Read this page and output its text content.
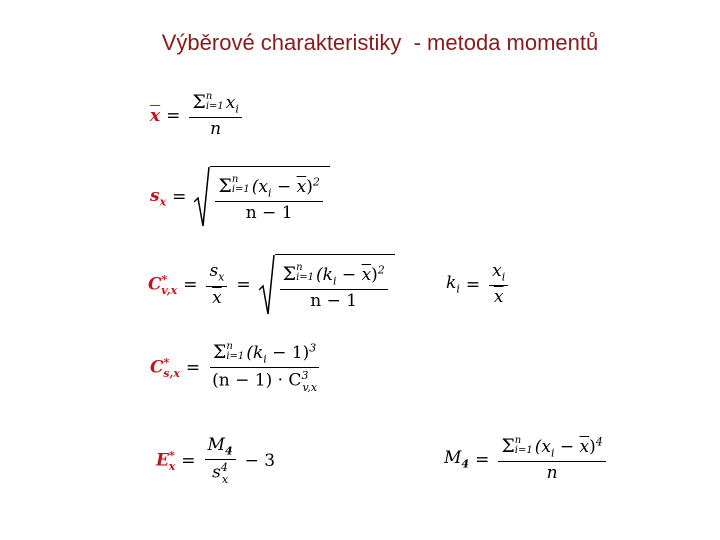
Výběrové charakteristiky  - metoda momentů
$\overline{x} = \Sigma$ n
i=1 $x_i$
n
$s_x = \Sigma$ n
i=1 $(x_i - \overline{x})^2$
n − 1
$C^*_{v,x} = \frac{s_x}{x} = \Sigma$ n
i=1 $(k_i - \overline{x})^2$
n − 1	$k_i = \frac{x_i}{x}$
$C^*_{s,x} = \Sigma$ n
i=1 $(k_i - 1)^3$
$(n - 1) \cdot C^3_{v,x}$
$E^*_x = \frac{M_4}{s^4_x} - 3$	$M_4 = \Sigma$ n
i=1 $(x_i - \overline{x})^4$
n
